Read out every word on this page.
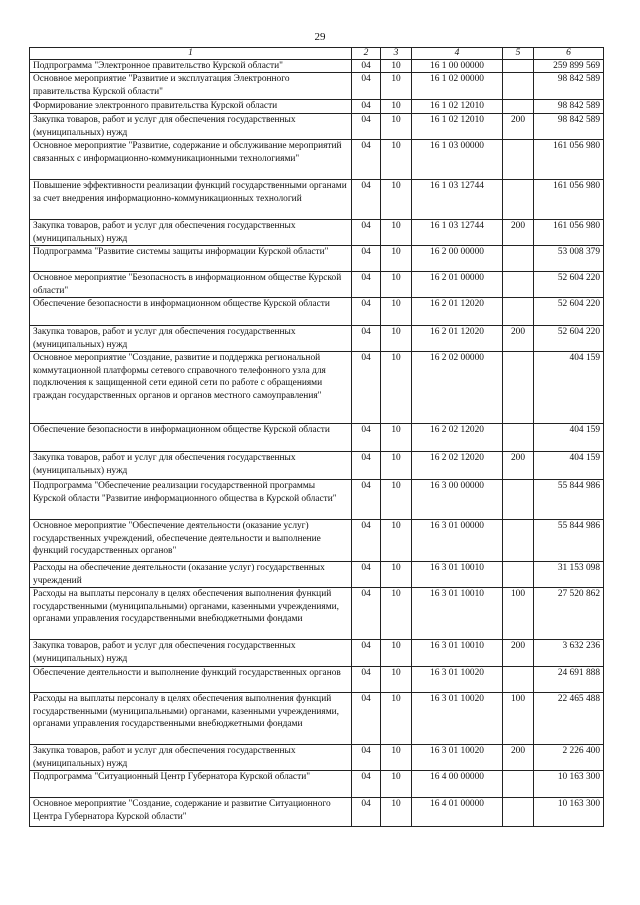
29
1	2	3	4	5	6
Подпрограмма "Электронное правительство Курской области"	04	10	16 1 00 00000		259 899 569
Основное мероприятие "Развитие и эксплуатация Электронного правительства Курской области"	04	10	16 1 02 00000		98 842 589
Формирование электронного правительства Курской области	04	10	16 1 02 12010		98 842 589
Закупка товаров, работ и услуг для обеспечения государственных (муниципальных) нужд	04	10	16 1 02 12010	200	98 842 589
Основное мероприятие "Развитие, содержание и обслуживание мероприятий связанных с информационно-коммуникационными технологиями"	04	10	16 1 03 00000		161 056 980
Повышение эффективности реализации функций государственными органами за счет внедрения информационно-коммуникационных технологий	04	10	16 1 03 12744		161 056 980
Закупка товаров, работ и услуг для обеспечения государственных (муниципальных) нужд	04	10	16 1 03 12744	200	161 056 980
Подпрограмма "Развитие системы защиты информации Курской области"	04	10	16 2 00 00000		53 008 379
Основное мероприятие "Безопасность в информационном обществе Курской области"	04	10	16 2 01 00000		52 604 220
Обеспечение безопасности в информационном обществе Курской области	04	10	16 2 01 12020		52 604 220
Закупка товаров, работ и услуг для обеспечения государственных (муниципальных) нужд	04	10	16 2 01 12020	200	52 604 220
Основное мероприятие "Создание, развитие и поддержка региональной коммутационной платформы сетевого справочного телефонного узла для подключения к защищенной сети единой сети по работе с обращениями граждан государственных органов и органов местного самоуправления"	04	10	16 2 02 00000		404 159
Обеспечение безопасности в информационном обществе Курской области	04	10	16 2 02 12020		404 159
Закупка товаров, работ и услуг для обеспечения государственных (муниципальных) нужд	04	10	16 2 02 12020	200	404 159
Подпрограмма "Обеспечение реализации государственной программы Курской области "Развитие информационного общества в Курской области"	04	10	16 3 00 00000		55 844 986
Основное мероприятие "Обеспечение деятельности (оказание услуг) государственных учреждений, обеспечение деятельности и выполнение функций государственных органов"	04	10	16 3 01 00000		55 844 986
Расходы на обеспечение деятельности (оказание услуг) государственных учреждений	04	10	16 3 01 10010		31 153 098
Расходы на выплаты персоналу в целях обеспечения выполнения функций государственными (муниципальными) органами, казенными учреждениями, органами управления государственными внебюджетными фондами	04	10	16 3 01 10010	100	27 520 862
Закупка товаров, работ и услуг для обеспечения государственных (муниципальных) нужд	04	10	16 3 01 10010	200	3 632 236
Обеспечение деятельности и выполнение функций государственных органов	04	10	16 3 01 10020		24 691 888
Расходы на выплаты персоналу в целях обеспечения выполнения функций государственными (муниципальными) органами, казенными учреждениями, органами управления государственными внебюджетными фондами	04	10	16 3 01 10020	100	22 465 488
Закупка товаров, работ и услуг для обеспечения государственных (муниципальных) нужд	04	10	16 3 01 10020	200	2 226 400
Подпрограмма "Ситуационный Центр Губернатора Курской области"	04	10	16 4 00 00000		10 163 300
Основное мероприятие "Создание, содержание и развитие Ситуационного Центра Губернатора Курской области"	04	10	16 4 01 00000		10 163 300
